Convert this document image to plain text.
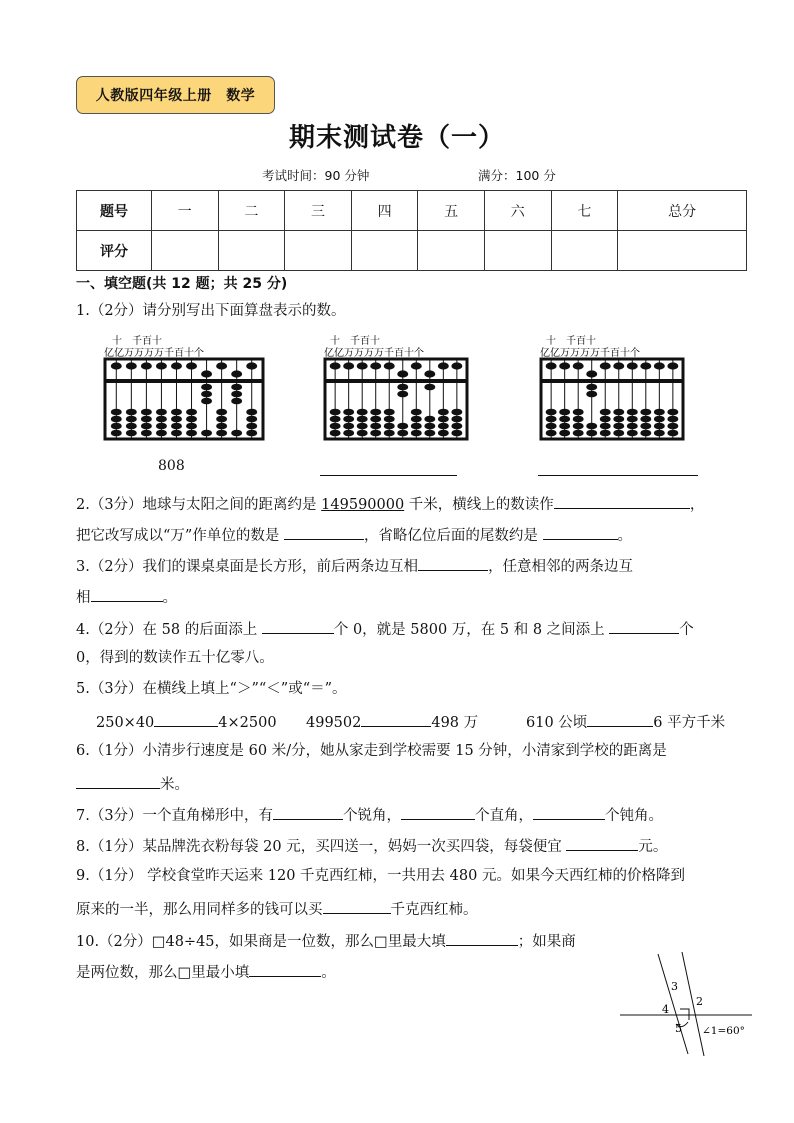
人教版四年级上册　数学
期末测试卷（一）
考试时间：90 分钟	满分：100 分
题号	一	二	三	四	五	六	七	总分
评分								
一、填空题(共 12 题；共 25 分)
1.（2分）请分别写出下面算盘表示的数。
十　千百十
亿亿万万万万千百十个
十　千百十
亿亿万万万万千百十个
十　千百十
亿亿万万万万千百十个
808
2.（3分）地球与太阳之间的距离约是 149590000 千米，横线上的数读作	，
把它改写成以“万”作单位的数是	，省略亿位后面的尾数约是	。
3.（2分）我们的课桌桌面是长方形，前后两条边互相	，任意相邻的两条边互
相	。
4.（2分）在 58 的后面添上	个 0，就是 5800 万，在 5 和 8 之间添上	个
0，得到的数读作五十亿零八。
5.（3分）在横线上填上“＞”“＜”或“＝”。
250×40	4×2500 499502	498 万	610 公顷	6 平方千米
6.（1分）小清步行速度是 60 米/分，她从家走到学校需要 15 分钟，小清家到学校的距离是
米。
7.（3分）一个直角梯形中，有	个锐角，	个直角，	个钝角。
8.（1分）某品牌洗衣粉每袋 20 元，买四送一，妈妈一次买四袋，每袋便宜	元。
9.（1分） 学校食堂昨天运来 120 千克西红柿，一共用去 480 元。如果今天西红柿的价格降到
原来的一半，那么用同样多的钱可以买	千克西红柿。
10.（2分）□48÷45，如果商是一位数，那么□里最大填	；如果商
是两位数，那么□里最小填	。
3
2
4
5 ∠1=60°
